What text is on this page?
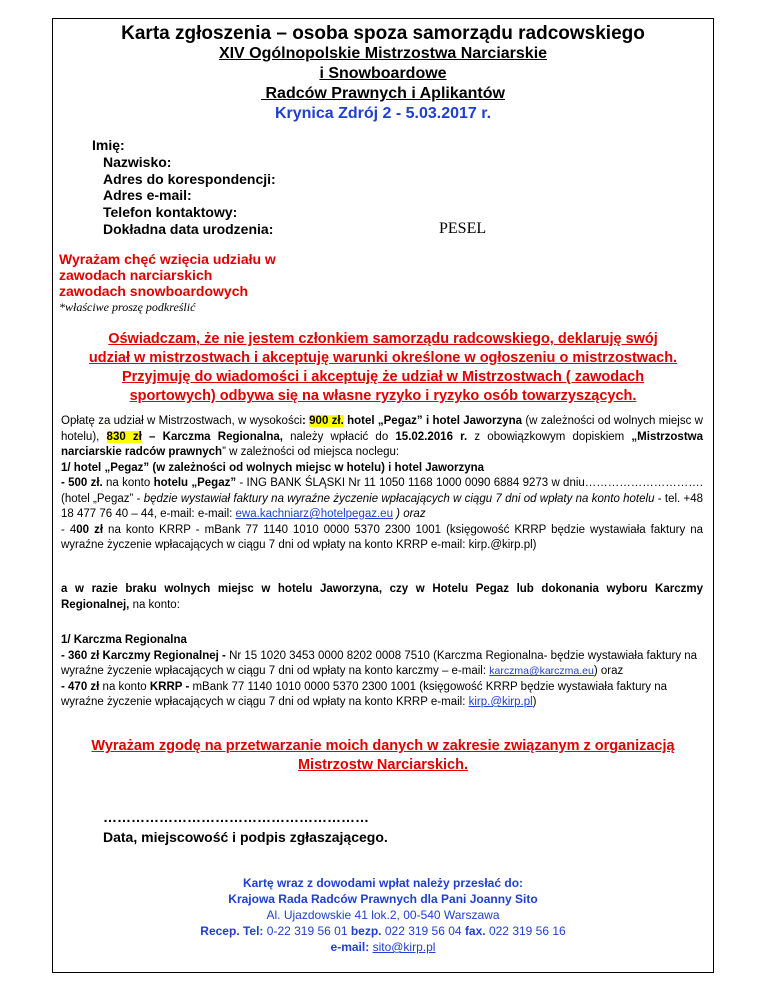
Karta zgłoszenia – osoba spoza samorządu radcowskiego
XIV Ogólnopolskie Mistrzostwa Narciarskie
i Snowboardowe
Radców Prawnych i Aplikantów
Krynica Zdrój 2 - 5.03.2017 r.
Imię:
Nazwisko:
Adres do korespondencji:
Adres e-mail:
Telefon kontaktowy:
Dokładna data urodzenia:	PESEL
Wyrażam chęć wzięcia udziału w
zawodach narciarskich
zawodach snowboardowych
*właściwe proszę podkreślić
Oświadczam, że nie jestem członkiem samorządu radcowskiego, deklaruję swój
udział w mistrzostwach i akceptuję warunki określone w ogłoszeniu o mistrzostwach.
Przyjmuję do wiadomości i akceptuję że udział w Mistrzostwach ( zawodach
sportowych) odbywa się na własne ryzyko i ryzyko osób towarzyszących.
Opłatę za udział w Mistrzostwach, w wysokości: 900 zł. hotel „Pegaz” i hotel Jaworzyna (w zależności od wolnych miejsc w hotelu), 830 zł – Karczma Regionalna, należy wpłacić do 15.02.2016 r. z obowiązkowym dopiskiem „Mistrzostwa narciarskie radców prawnych” w zależności od miejsca noclegu:
1/ hotel „Pegaz” (w zależności od wolnych miejsc w hotelu) i hotel Jaworzyna
- 500 zł. na konto hotelu „Pegaz” - ING BANK ŚLĄSKI Nr 11 1050 1168 1000 0090 6884 9273 w dniu…………………………. (hotel „Pegaz” - będzie wystawiał faktury na wyraźne życzenie wpłacających w ciągu 7 dni od wpłaty na konto hotelu - tel. +48 18 477 76 40 – 44, e-mail: e-mail: ewa.kachniarz@hotelpegaz.eu ) oraz
- 400 zł na konto KRRP - mBank 77 1140 1010 0000 5370 2300 1001 (księgowość KRRP będzie wystawiała faktury na wyraźne życzenie wpłacających w ciągu 7 dni od wpłaty na konto KRRP e-mail: kirp.@kirp.pl)
a w razie braku wolnych miejsc w hotelu Jaworzyna, czy w Hotelu Pegaz lub dokonania wyboru Karczmy Regionalnej, na konto:
1/ Karczma Regionalna
- 360 zł Karczmy Regionalnej - Nr 15 1020 3453 0000 8202 0008 7510 (Karczma Regionalna- będzie wystawiała faktury na wyraźne życzenie wpłacających w ciągu 7 dni od wpłaty na konto karczmy – e-mail: karczma@karczma.eu) oraz
- 470 zł na konto KRRP - mBank 77 1140 1010 0000 5370 2300 1001 (księgowość KRRP będzie wystawiała faktury na wyraźne życzenie wpłacających w ciągu 7 dni od wpłaty na konto KRRP e-mail: kirp.@kirp.pl)
Wyrażam zgodę na przetwarzanie moich danych w zakresie związanym z organizacją
Mistrzostw Narciarskich.
…………………………………………………
Data, miejscowość i podpis zgłaszającego.
Kartę wraz z dowodami wpłat należy przesłać do:
Krajowa Rada Radców Prawnych dla Pani Joanny Sito
Al. Ujazdowskie 41 lok.2, 00-540 Warszawa
Recep. Tel: 0-22 319 56 01 bezp. 022 319 56 04 fax. 022 319 56 16
e-mail: sito@kirp.pl
